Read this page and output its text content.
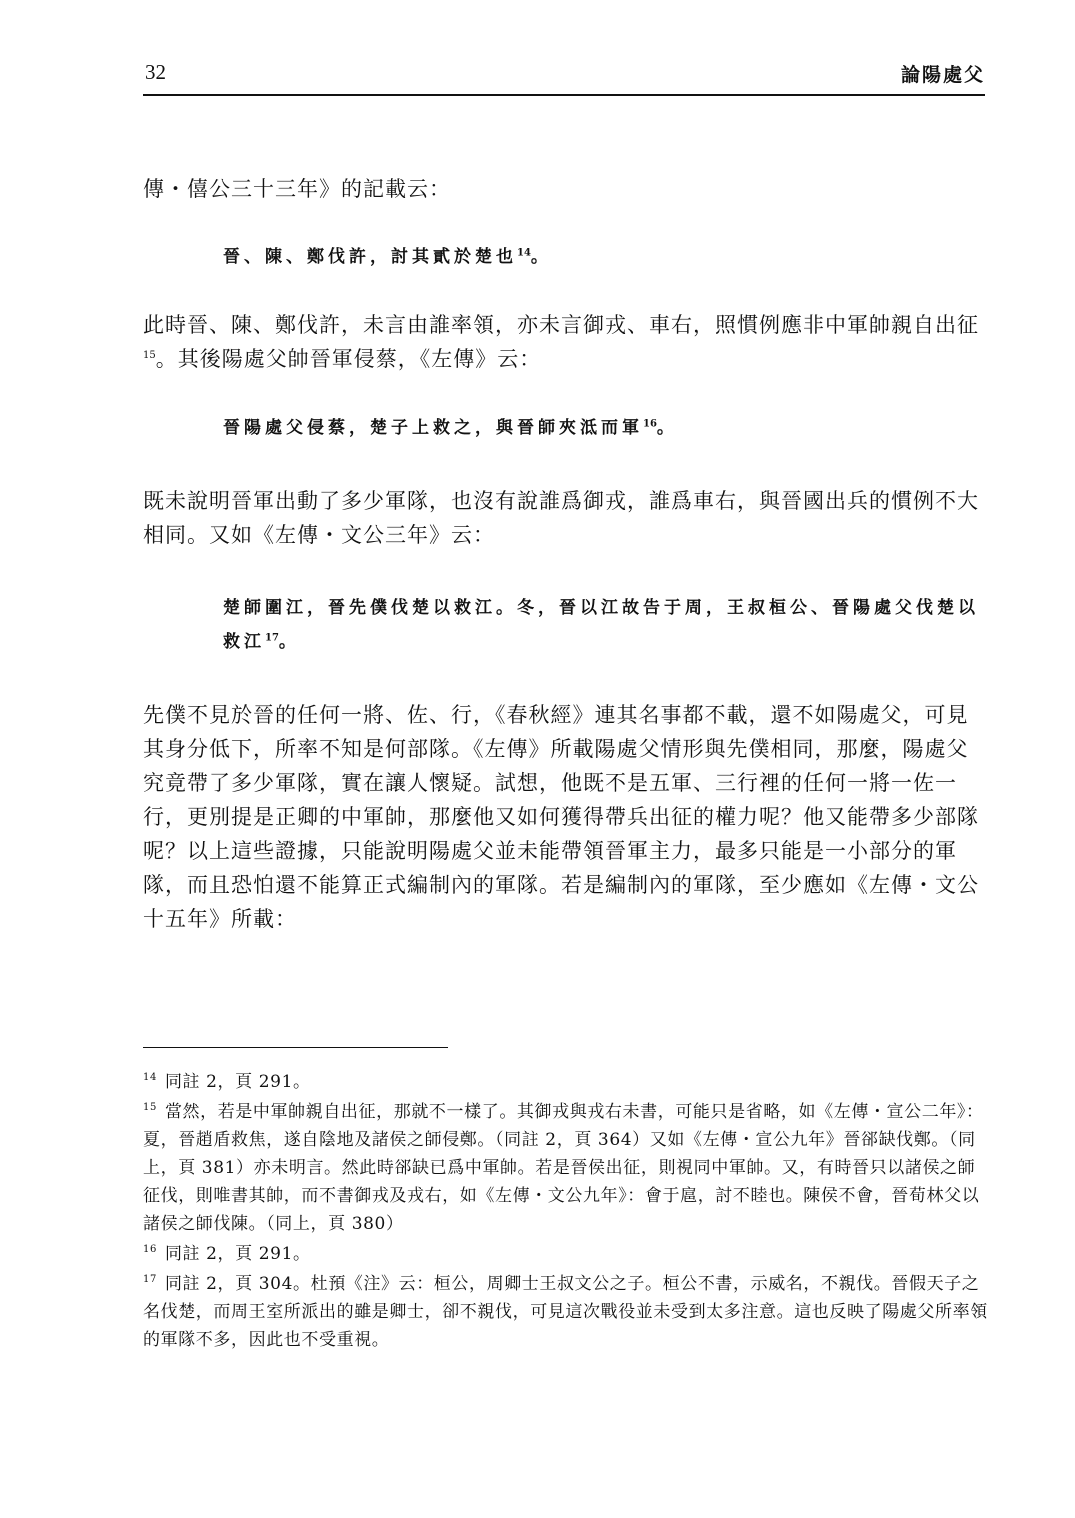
32	論陽處父
傳・僖公三十三年》的記載云：
晉、陳、鄭伐許，討其貳於楚也$^{14}$。
此時晉、陳、鄭伐許，未言由誰率領，亦未言御戎、車右，照慣例應非中軍帥親自出征$^{15}$。其後陽處父帥晉軍侵蔡，《左傳》云：
晉陽處父侵蔡，楚子上救之，與晉師夾泜而軍$^{16}$。
既未說明晉軍出動了多少軍隊，也沒有說誰爲御戎，誰爲車右，與晉國出兵的慣例不大相同。又如《左傳・文公三年》云：
楚師圍江，晉先僕伐楚以救江。冬，晉以江故告于周，王叔桓公、晉陽處父伐楚以救江$^{17}$。
先僕不見於晉的任何一將、佐、行，《春秋經》連其名事都不載，還不如陽處父，可見其身分低下，所率不知是何部隊。《左傳》所載陽處父情形與先僕相同，那麼，陽處父究竟帶了多少軍隊，實在讓人懷疑。試想，他既不是五軍、三行裡的任何一將一佐一行，更別提是正卿的中軍帥，那麼他又如何獲得帶兵出征的權力呢？他又能帶多少部隊呢？以上這些證據，只能說明陽處父並未能帶領晉軍主力，最多只能是一小部分的軍隊，而且恐怕還不能算正式編制內的軍隊。若是編制內的軍隊，至少應如《左傳・文公十五年》所載：
$^{14}$ 同註 2，頁 291。
$^{15}$ 當然，若是中軍帥親自出征，那就不一樣了。其御戎與戎右未書，可能只是省略，如《左傳・宣公二年》：夏，晉趙盾救焦，遂自陰地及諸侯之師侵鄭。（同註 2，頁 364）又如《左傳・宣公九年》晉郤缺伐鄭。（同上，頁 381）亦未明言。然此時郤缺已爲中軍帥。若是晉侯出征，則視同中軍帥。又，有時晉只以諸侯之師征伐，則唯書其帥，而不書御戎及戎右，如《左傳・文公九年》：會于扈，討不睦也。陳侯不會，晉荀林父以諸侯之師伐陳。（同上，頁 380）
$^{16}$ 同註 2，頁 291。
$^{17}$ 同註 2，頁 304。杜預《注》云：桓公，周卿士王叔文公之子。桓公不書，示威名，不親伐。晉假天子之名伐楚，而周王室所派出的雖是卿士，卻不親伐，可見這次戰役並未受到太多注意。這也反映了陽處父所率領的軍隊不多，因此也不受重視。
